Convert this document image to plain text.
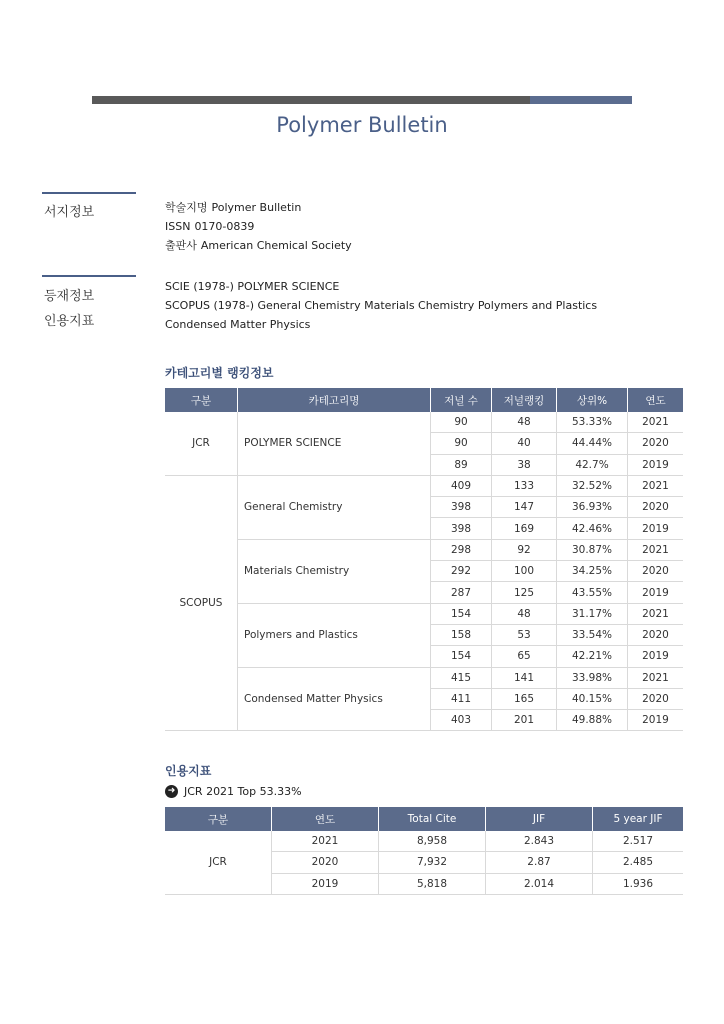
Polymer Bulletin
서지정보	학술지명 Polymer Bulletin
ISSN 0170-0839
출판사 American Chemical Society
등재정보
인용지표
SCIE (1978-) POLYMER SCIENCE
SCOPUS (1978-) General Chemistry Materials Chemistry Polymers and Plastics
Condensed Matter Physics
카테고리별 랭킹정보
구분	카테고리명	저널 수	저널랭킹	상위%	연도
JCR	POLYMER SCIENCE	90	48	53.33%	2021
		90	40	44.44%	2020
		89	38	42.7%	2019
SCOPUS	General Chemistry	409	133	32.52%	2021
		398	147	36.93%	2020
		398	169	42.46%	2019
	Materials Chemistry	298	92	30.87%	2021
		292	100	34.25%	2020
		287	125	43.55%	2019
	Polymers and Plastics	154	48	31.17%	2021
		158	53	33.54%	2020
		154	65	42.21%	2019
	Condensed Matter Physics	415	141	33.98%	2021
		411	165	40.15%	2020
		403	201	49.88%	2019
인용지표
➜ JCR 2021 Top 53.33%
구분	연도	Total Cite	JIF	5 year JIF
JCR	2021	8,958	2.843	2.517
	2020	7,932	2.87	2.485
	2019	5,818	2.014	1.936
